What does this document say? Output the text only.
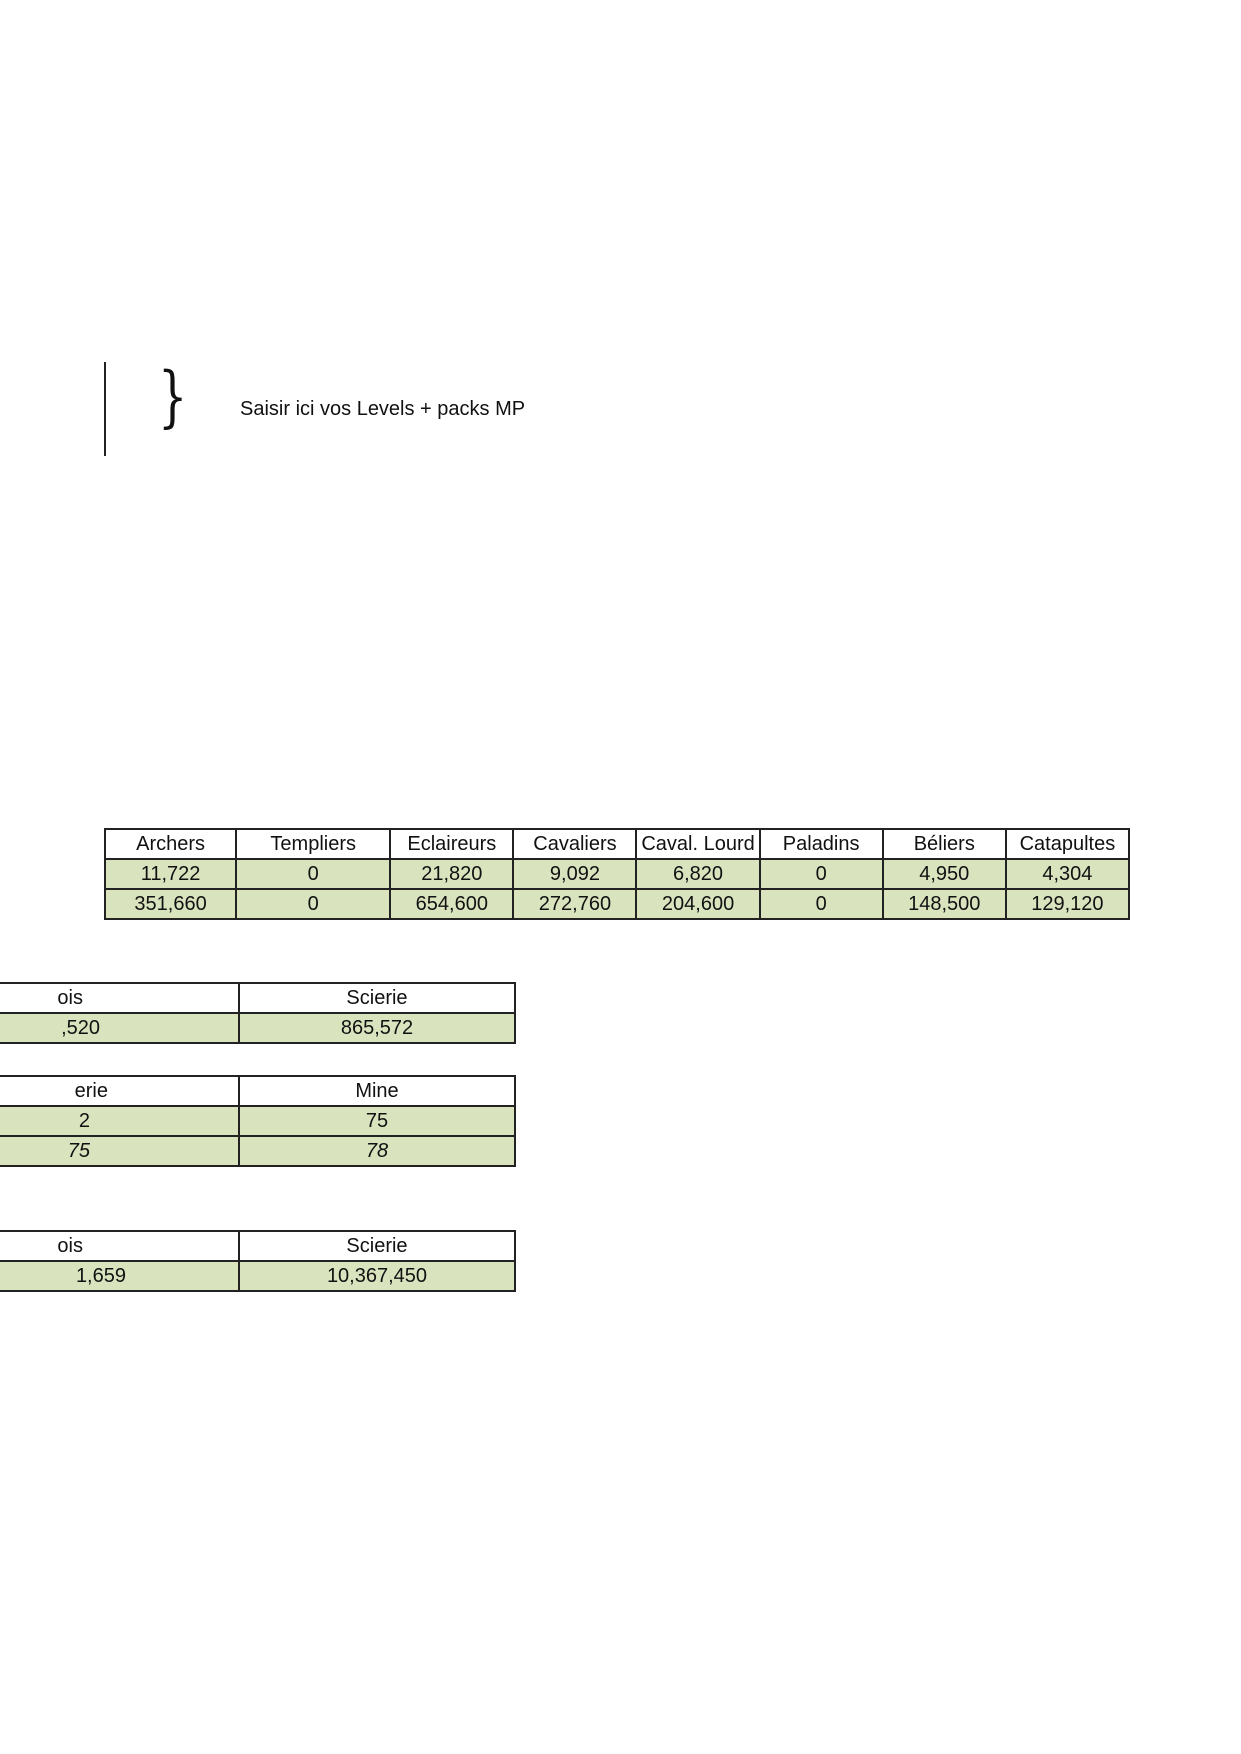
}	Saisir ici vos Levels + packs MP
Archers	Templiers	Eclaireurs	Cavaliers	Caval. Lourd	Paladins	Béliers	Catapultes
11,722	0	21,820	9,092	6,820	0	4,950	4,304
351,660	0	654,600	272,760	204,600	0	148,500	129,120
ois	Scierie
,520	865,572
erie	Mine
2	75
75	78
ois	Scierie
1,659	10,367,450
